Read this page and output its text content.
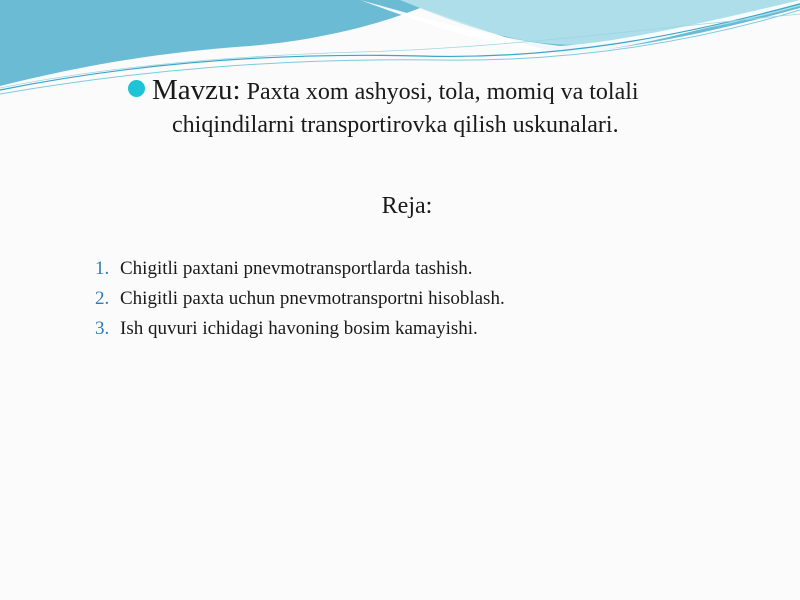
Mavzu: Paxta xom ashyosi, tola, momiq va tolali
chiqindilarni transportirovka qilish uskunalari.
Reja:
1. Chigitli paxtani pnevmotransportlarda tashish.
2. Chigitli paxta uchun pnevmotransportni hisoblash.
3. Ish quvuri ichidagi havoning bosim kamayishi.
